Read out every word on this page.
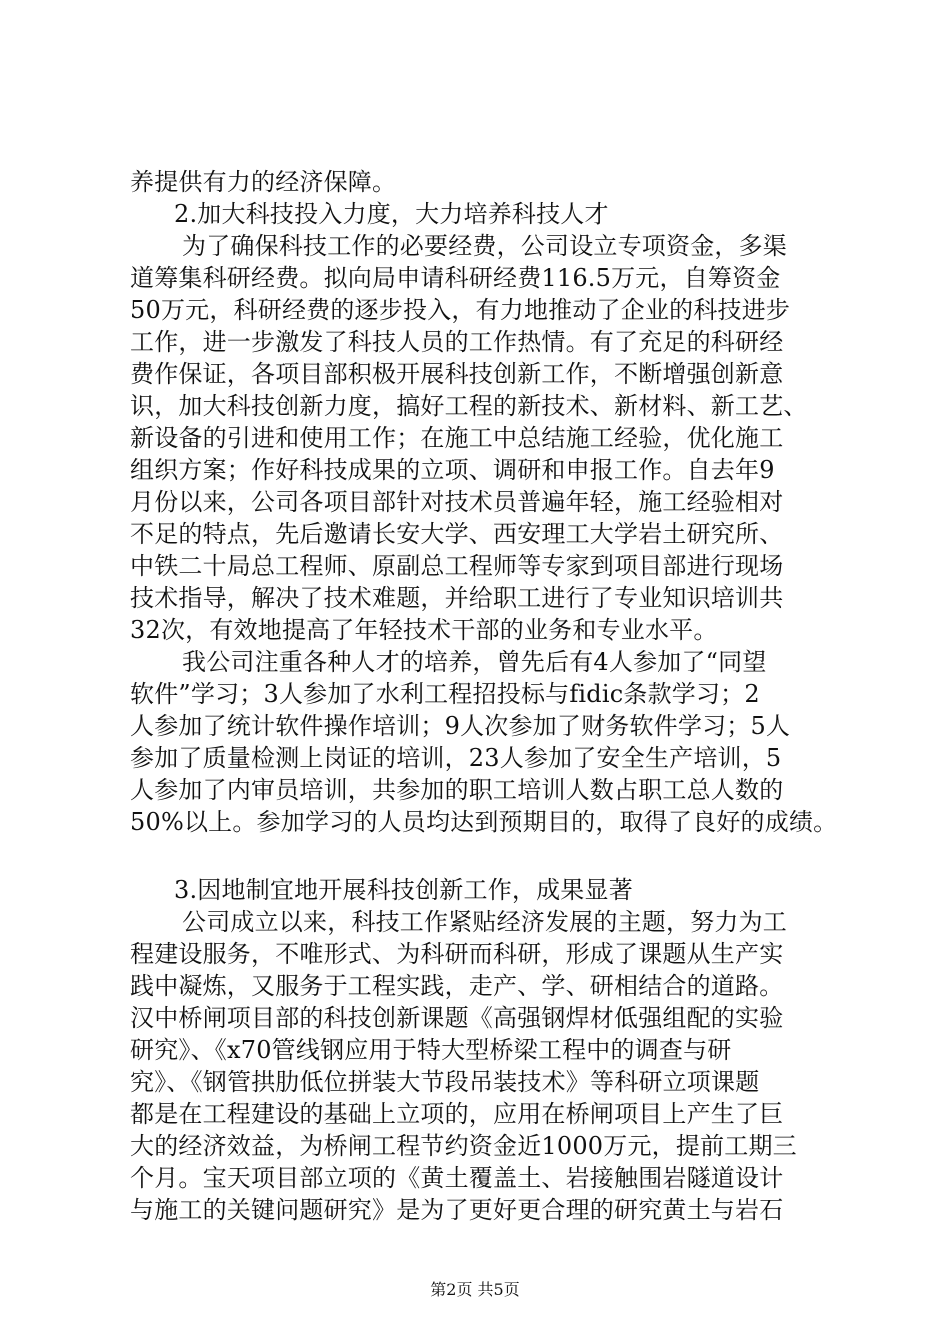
养提供有力的经济保障。
2.加大科技投入力度，大力培养科技人才
为了确保科技工作的必要经费，公司设立专项资金，多渠
道筹集科研经费。拟向局申请科研经费116.5万元，自筹资金
50万元，科研经费的逐步投入，有力地推动了企业的科技进步
工作，进一步激发了科技人员的工作热情。有了充足的科研经
费作保证，各项目部积极开展科技创新工作，不断增强创新意
识，加大科技创新力度，搞好工程的新技术、新材料、新工艺、
新设备的引进和使用工作；在施工中总结施工经验，优化施工
组织方案；作好科技成果的立项、调研和申报工作。自去年9
月份以来，公司各项目部针对技术员普遍年轻，施工经验相对
不足的特点，先后邀请长安大学、西安理工大学岩土研究所、
中铁二十局总工程师、原副总工程师等专家到项目部进行现场
技术指导，解决了技术难题，并给职工进行了专业知识培训共
32次，有效地提高了年轻技术干部的业务和专业水平。
我公司注重各种人才的培养，曾先后有4人参加了“同望
软件”学习；3人参加了水利工程招投标与fidic条款学习；2
人参加了统计软件操作培训；9人次参加了财务软件学习；5人
参加了质量检测上岗证的培训，23人参加了安全生产培训，5
人参加了内审员培训，共参加的职工培训人数占职工总人数的
50%以上。参加学习的人员均达到预期目的，取得了良好的成绩。
3.因地制宜地开展科技创新工作，成果显著
公司成立以来，科技工作紧贴经济发展的主题，努力为工
程建设服务，不唯形式、为科研而科研，形成了课题从生产实
践中凝炼，又服务于工程实践，走产、学、研相结合的道路。
汉中桥闸项目部的科技创新课题《高强钢焊材低强组配的实验
研究》、《x70管线钢应用于特大型桥梁工程中的调查与研
究》、《钢管拱肋低位拼装大节段吊装技术》等科研立项课题
都是在工程建设的基础上立项的，应用在桥闸项目上产生了巨
大的经济效益，为桥闸工程节约资金近1000万元，提前工期三
个月。宝天项目部立项的《黄土覆盖土、岩接触围岩隧道设计
与施工的关键问题研究》是为了更好更合理的研究黄土与岩石
第2页 共5页
